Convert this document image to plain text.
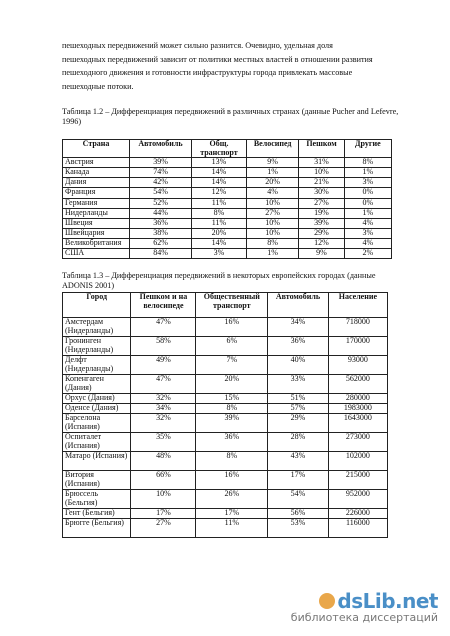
пешеходных передвижений может сильно разнится. Очевидно, удельная доля

пешеходных передвижений зависит от политики местных властей в отношении развития

пешеходного движения и готовности инфраструктуры города привлекать массовые

пешеходные потоки.

Таблица 1.2 – Дифференциация передвижений в различных странах (данные Pucher and Lefevre, 1996)
Страна	Автомобиль	Общ. транспорт	Велосипед	Пешком	Другие
Австрия	39%	13%	9%	31%	8%
Канада	74%	14%	1%	10%	1%
Дания	42%	14%	20%	21%	3%
Франция	54%	12%	4%	30%	0%
Германия	52%	11%	10%	27%	0%
Нидерланды	44%	8%	27%	19%	1%
Швеция	36%	11%	10%	39%	4%
Швейцария	38%	20%	10%	29%	3%
Великобритания	62%	14%	8%	12%	4%
США	84%	3%	1%	9%	2%
Таблица 1.3 – Дифференциация передвижений в некоторых европейских городах (данные ADONIS 2001)
Город	Пешком и на велосипеде	Общественный транспорт	Автомобиль	Население
Амстердам (Нидерланды)	47%	16%	34%	718000
Гронинген (Нидерланды)	58%	6%	36%	170000
Делфт (Нидерланды)	49%	7%	40%	93000
Копенгаген (Дания)	47%	20%	33%	562000
Орхус (Дания)	32%	15%	51%	280000
Оденсе (Дания)	34%	8%	57%	1983000
Барселона (Испания)	32%	39%	29%	1643000
Оспиталет (Испания)	35%	36%	28%	273000
Матаро (Испания)	48%	8%	43%	102000
Витория (Испания)	66%	16%	17%	215000
Брюссель (Бельгия)	10%	26%	54%	952000
Гент (Бельгия)	17%	17%	56%	226000
Брюгге (Бельгия)	27%	11%	53%	116000
dsLib.net
библиотека диссертаций
